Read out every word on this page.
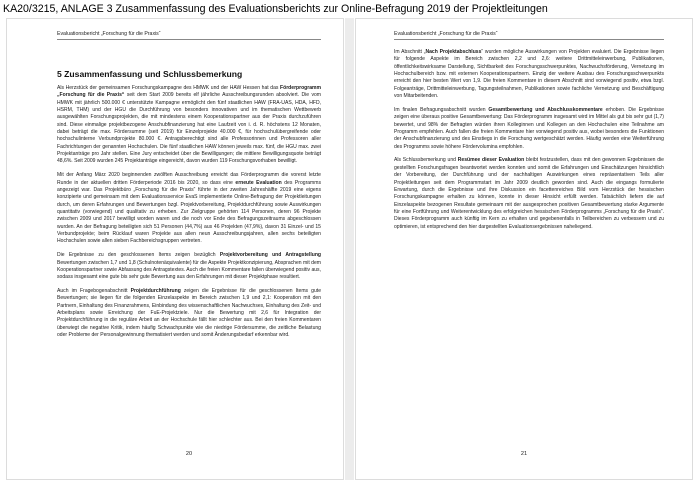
KA20/3215, ANLAGE 3 Zusammenfassung des Evaluationsberichts zur Online-Befragung 2019 der Projektleitungen
Evaluationsbericht „Forschung für die Praxis“
5 Zusammenfassung und Schlussbemerkung
Als Herzstück der gemeinsamen Forschungskampagne des HMWK und der HAW Hessen hat das Förderprogramm „Forschung für die Praxis“ seit dem Start 2009 bereits elf jährliche Ausschreibungsrunden absolviert. Die vom HMWK mit jährlich 500.000 € unterstützte Kampagne ermöglicht den fünf staatlichen HAW (FRA-UAS, HDA, HFD, HSRM, THM) und der HGU die Durchführung von besonders innovativen und im thematischen Wettbewerb ausgewählten Forschungsprojekten, die mit mindestens einem Kooperationspartner aus der Praxis durchzuführen sind. Diese einmalige projektbezogene Anschubfinanzierung hat eine Laufzeit von i. d. R. höchstens 12 Monaten, dabei beträgt die max. Fördersumme (seit 2019) für Einzelprojekte 40.000 €, für hochschulübergreifende oder hochschulinterne Verbundprojekte 80.000 €. Antragsberechtigt sind alle Professorinnen und Professoren aller Fachrichtungen der genannten Hochschulen. Die fünf staatlichen HAW können jeweils max. fünf, die HGU max. zwei Projektanträge pro Jahr stellen. Eine Jury entscheidet über die Bewilligungen; die mittlere Bewilligungsquote beträgt 48,6%. Seit 2009 wurden 245 Projektanträge eingereicht, davon wurden 119 Forschungsvorhaben bewilligt.
Mit der Anfang März 2020 beginnenden zwölften Ausschreibung erreicht das Förderprogramm die vorerst letzte Runde in der aktuellen dritten Förderperiode 2016 bis 2020, so dass eine erneute Evaluation des Programms angezeigt war. Das Projektbüro „Forschung für die Praxis“ führte in der zweiten Jahreshälfte 2019 eine eigens konzipierte und gemeinsam mit dem Evaluationsservice EvaS implementierte Online-Befragung der Projektleitungen durch, um deren Erfahrungen und Bewertungen bzgl. Projektvorbereitung, Projektdurchführung sowie Auswirkungen quantitativ (vorwiegend) und qualitativ zu erheben. Zur Zielgruppe gehörten 114 Personen, deren 96 Projekte zwischen 2009 und 2017 bewilligt worden waren und die noch vor Ende des Befragungszeitraums abgeschlossen wurden. An der Befragung beteiligten sich 51 Personen (44,7%) aus 46 Projekten (47,9%), davon 31 Einzel- und 15 Verbundprojekte; beim Rücklauf waren Projekte aus allen neun Ausschreibungsjahren, allen sechs beteiligten Hochschulen sowie allen sieben Fachbereichsgruppen vertreten.
Die Ergebnisse zu den geschlossenen Items zeigen bezüglich Projektvorbereitung und Antragstellung Bewertungen zwischen 1,7 und 1,8 (Schulnotenäquivalente) für die Aspekte Projektkonzipierung, Absprachen mit dem Kooperationspartner sowie Abfassung des Antragstextes. Auch die freien Kommentare fallen überwiegend positiv aus, sodass insgesamt eine gute bis sehr gute Bewertung aus den Erfahrungen mit dieser Projektphase resultiert.
Auch im Fragebogenabschnitt Projektdurchführung zeigen die Ergebnisse für die geschlossenen Items gute Bewertungen; sie liegen für die folgenden Einzelaspekte im Bereich zwischen 1,9 und 2,1: Kooperation mit den Partnern, Einhaltung des Finanzrahmens, Einbindung des wissenschaftlichen Nachwuchses, Einhaltung des Zeit- und Arbeitsplans sowie Erreichung der FuE-Projektziele. Nur die Bewertung mit 2,6 für Integration der Projektdurchführung in die reguläre Arbeit an der Hochschule fällt hier schlechter aus. Bei den freien Kommentaren überwiegt die negative Kritik, indem häufig Schwachpunkte wie die niedrige Fördersumme, die zeitliche Belastung oder Probleme der Personalgewinnung thematisiert werden und somit Änderungsbedarf erkennbar wird.
20
Evaluationsbericht „Forschung für die Praxis“
Im Abschnitt „Nach Projektabschluss“ wurden mögliche Auswirkungen von Projekten evaluiert. Die Ergebnisse liegen für folgende Aspekte im Bereich zwischen 2,2 und 2,6: weitere Drittmitteleinwerbung, Publikationen, öffentlichkeitswirksame Darstellung, Sichtbarkeit des Forschungsschwerpunktes, Nachwuchsförderung, Vernetzung im Hochschulbereich bzw. mit externen Kooperationspartnern. Einzig der weitere Ausbau des Forschungsschwerpunkts erreicht den hier besten Wert von 1,9. Die freien Kommentare in diesem Abschnitt sind vorwiegend positiv, etwa bzgl. Folgeanträge, Drittmitteleinwerbung, Tagungsteilnahmen, Publikationen sowie fachliche Vernetzung und Beschäftigung von Mitarbeitenden.
Im finalen Befragungsabschnitt wurden Gesamtbewertung und Abschlusskommentare erhoben. Die Ergebnisse zeigen eine überaus positive Gesamtbewertung: Das Förderprogramm insgesamt wird im Mittel als gut bis sehr gut (1,7) bewertet, und 98% der Befragten würden ihren Kolleginnen und Kollegen an den Hochschulen eine Teilnahme am Programm empfehlen. Auch fallen die freien Kommentare hier vorwiegend positiv aus, wobei besonders die Funktionen der Anschubfinanzierung und des Einstiegs in die Forschung wertgeschätzt werden. Häufig werden eine Weiterführung des Programms sowie höhere Fördervolumina empfohlen.
Als Schlussbemerkung und Resümee dieser Evaluation bleibt festzustellen, dass mit den gewonnen Ergebnissen die gestellten Forschungsfragen beantwortet werden konnten und somit die Erfahrungen und Einschätzungen hinsichtlich der Vorbereitung, der Durchführung und der nachhaltigen Auswirkungen eines repräsentativen Teils aller Projektleitungen seit dem Programmstart im Jahr 2009 deutlich geworden sind. Auch die eingangs formulierte Erwartung, durch die Ergebnisse und ihre Diskussion ein facettenreiches Bild vom Herzstück der hessischen Forschungskampagne erhalten zu können, konnte in dieser Hinsicht erfüllt werden. Tatsächlich liefern die auf Einzelaspekte bezogenen Resultate gemeinsam mit der ausgesprochen positiven Gesamtbewertung starke Argumente für eine Fortführung und Weiterentwicklung des erfolgreichen hessischen Förderprogramms „Forschung für die Praxis“. Dieses Förderprogramm auch künftig im Kern zu erhalten und gegebenenfalls in Teilbereichen zu verbessern und zu optimieren, ist entsprechend den hier dargestellten Evaluationsergebnissen naheliegend.
21
